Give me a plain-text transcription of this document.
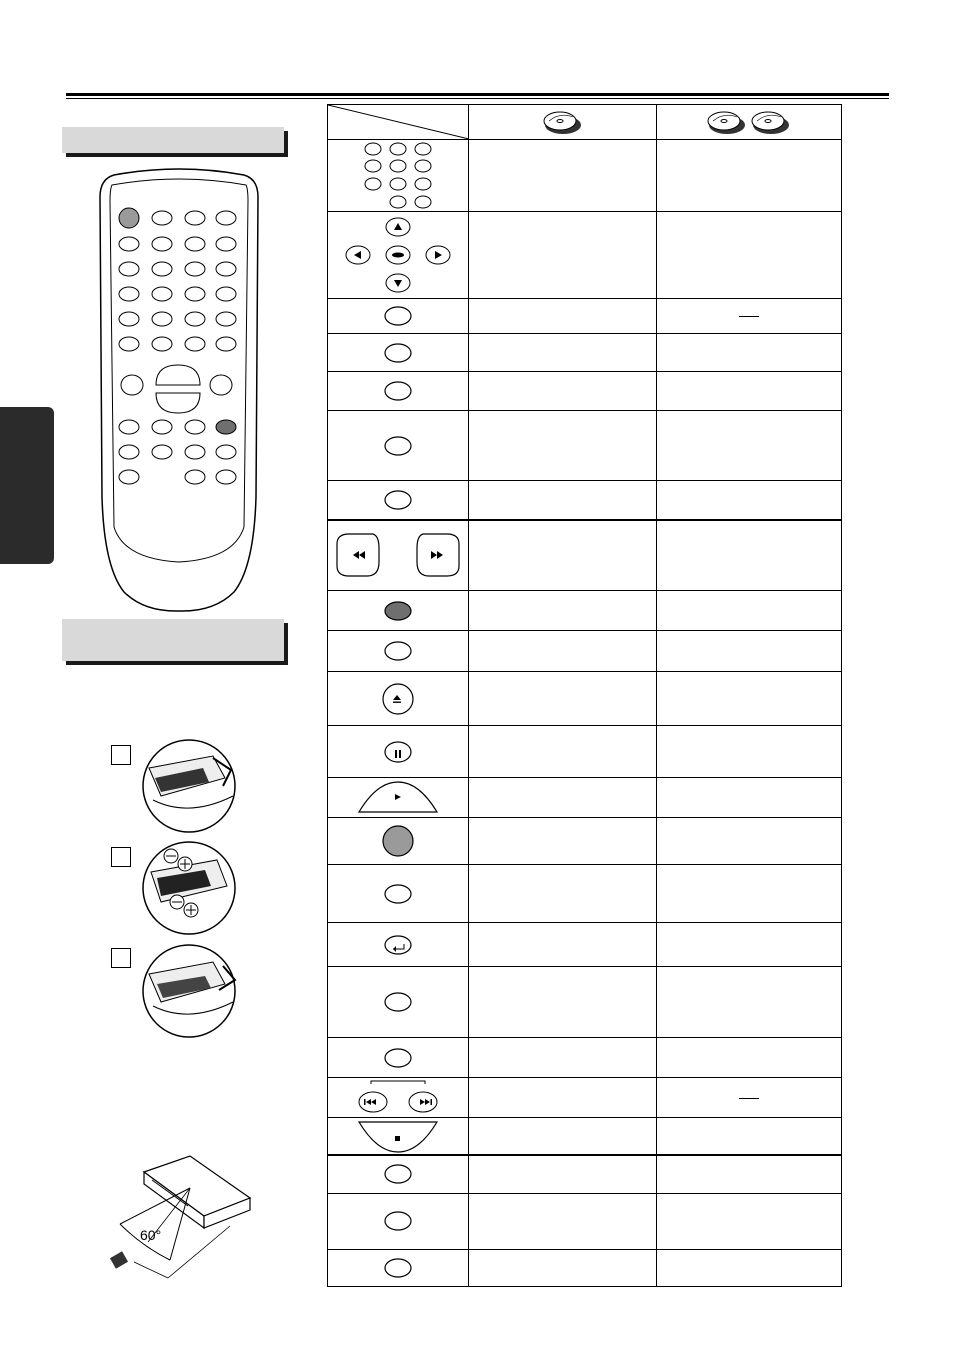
60°
